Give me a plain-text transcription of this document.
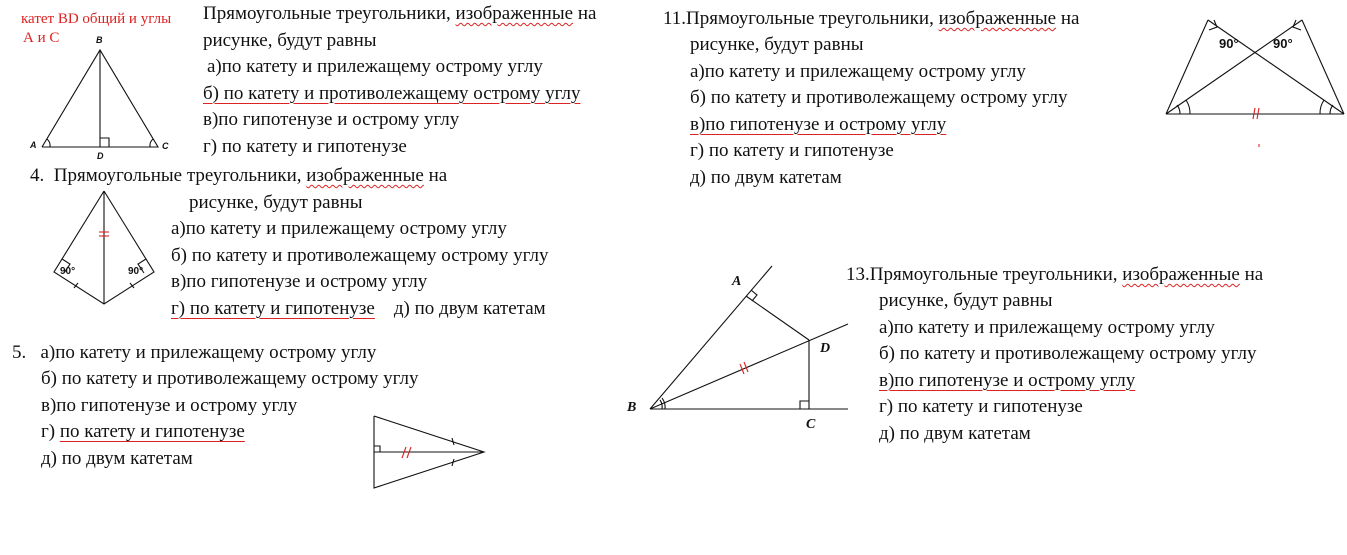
катет BD общий и углы
А и С	B
A	C
D
Прямоугольные треугольники, изображенные на
рисунке, будут равны
а)по катету и прилежащему острому углу
б) по катету и противолежащему острому углу
в)по гипотенузе и острому углу
г) по катету и гипотенузе
4. Прямоугольные треугольники, изображенные на
рисунке, будут равны
а)по катету и прилежащему острому углу
б) по катету и противолежащему острому углу
в)по гипотенузе и острому углу
г) по катету и гипотенузе д) по двум катетам
90°	90°
5. а)по катету и прилежащему острому углу
б) по катету и противолежащему острому углу
в)по гипотенузе и острому углу
г) по катету и гипотенузе
д) по двум катетам
11.Прямоугольные треугольники, изображенные на
рисунке, будут равны
а)по катету и прилежащему острому углу
б) по катету и противолежащему острому углу
в)по гипотенузе и острому углу
г) по катету и гипотенузе
д) по двум катетам
90°	90°
A
B
C
D
13.Прямоугольные треугольники, изображенные на
рисунке, будут равны
а)по катету и прилежащему острому углу
б) по катету и противолежащему острому углу
в)по гипотенузе и острому углу
г) по катету и гипотенузе
д) по двум катетам
